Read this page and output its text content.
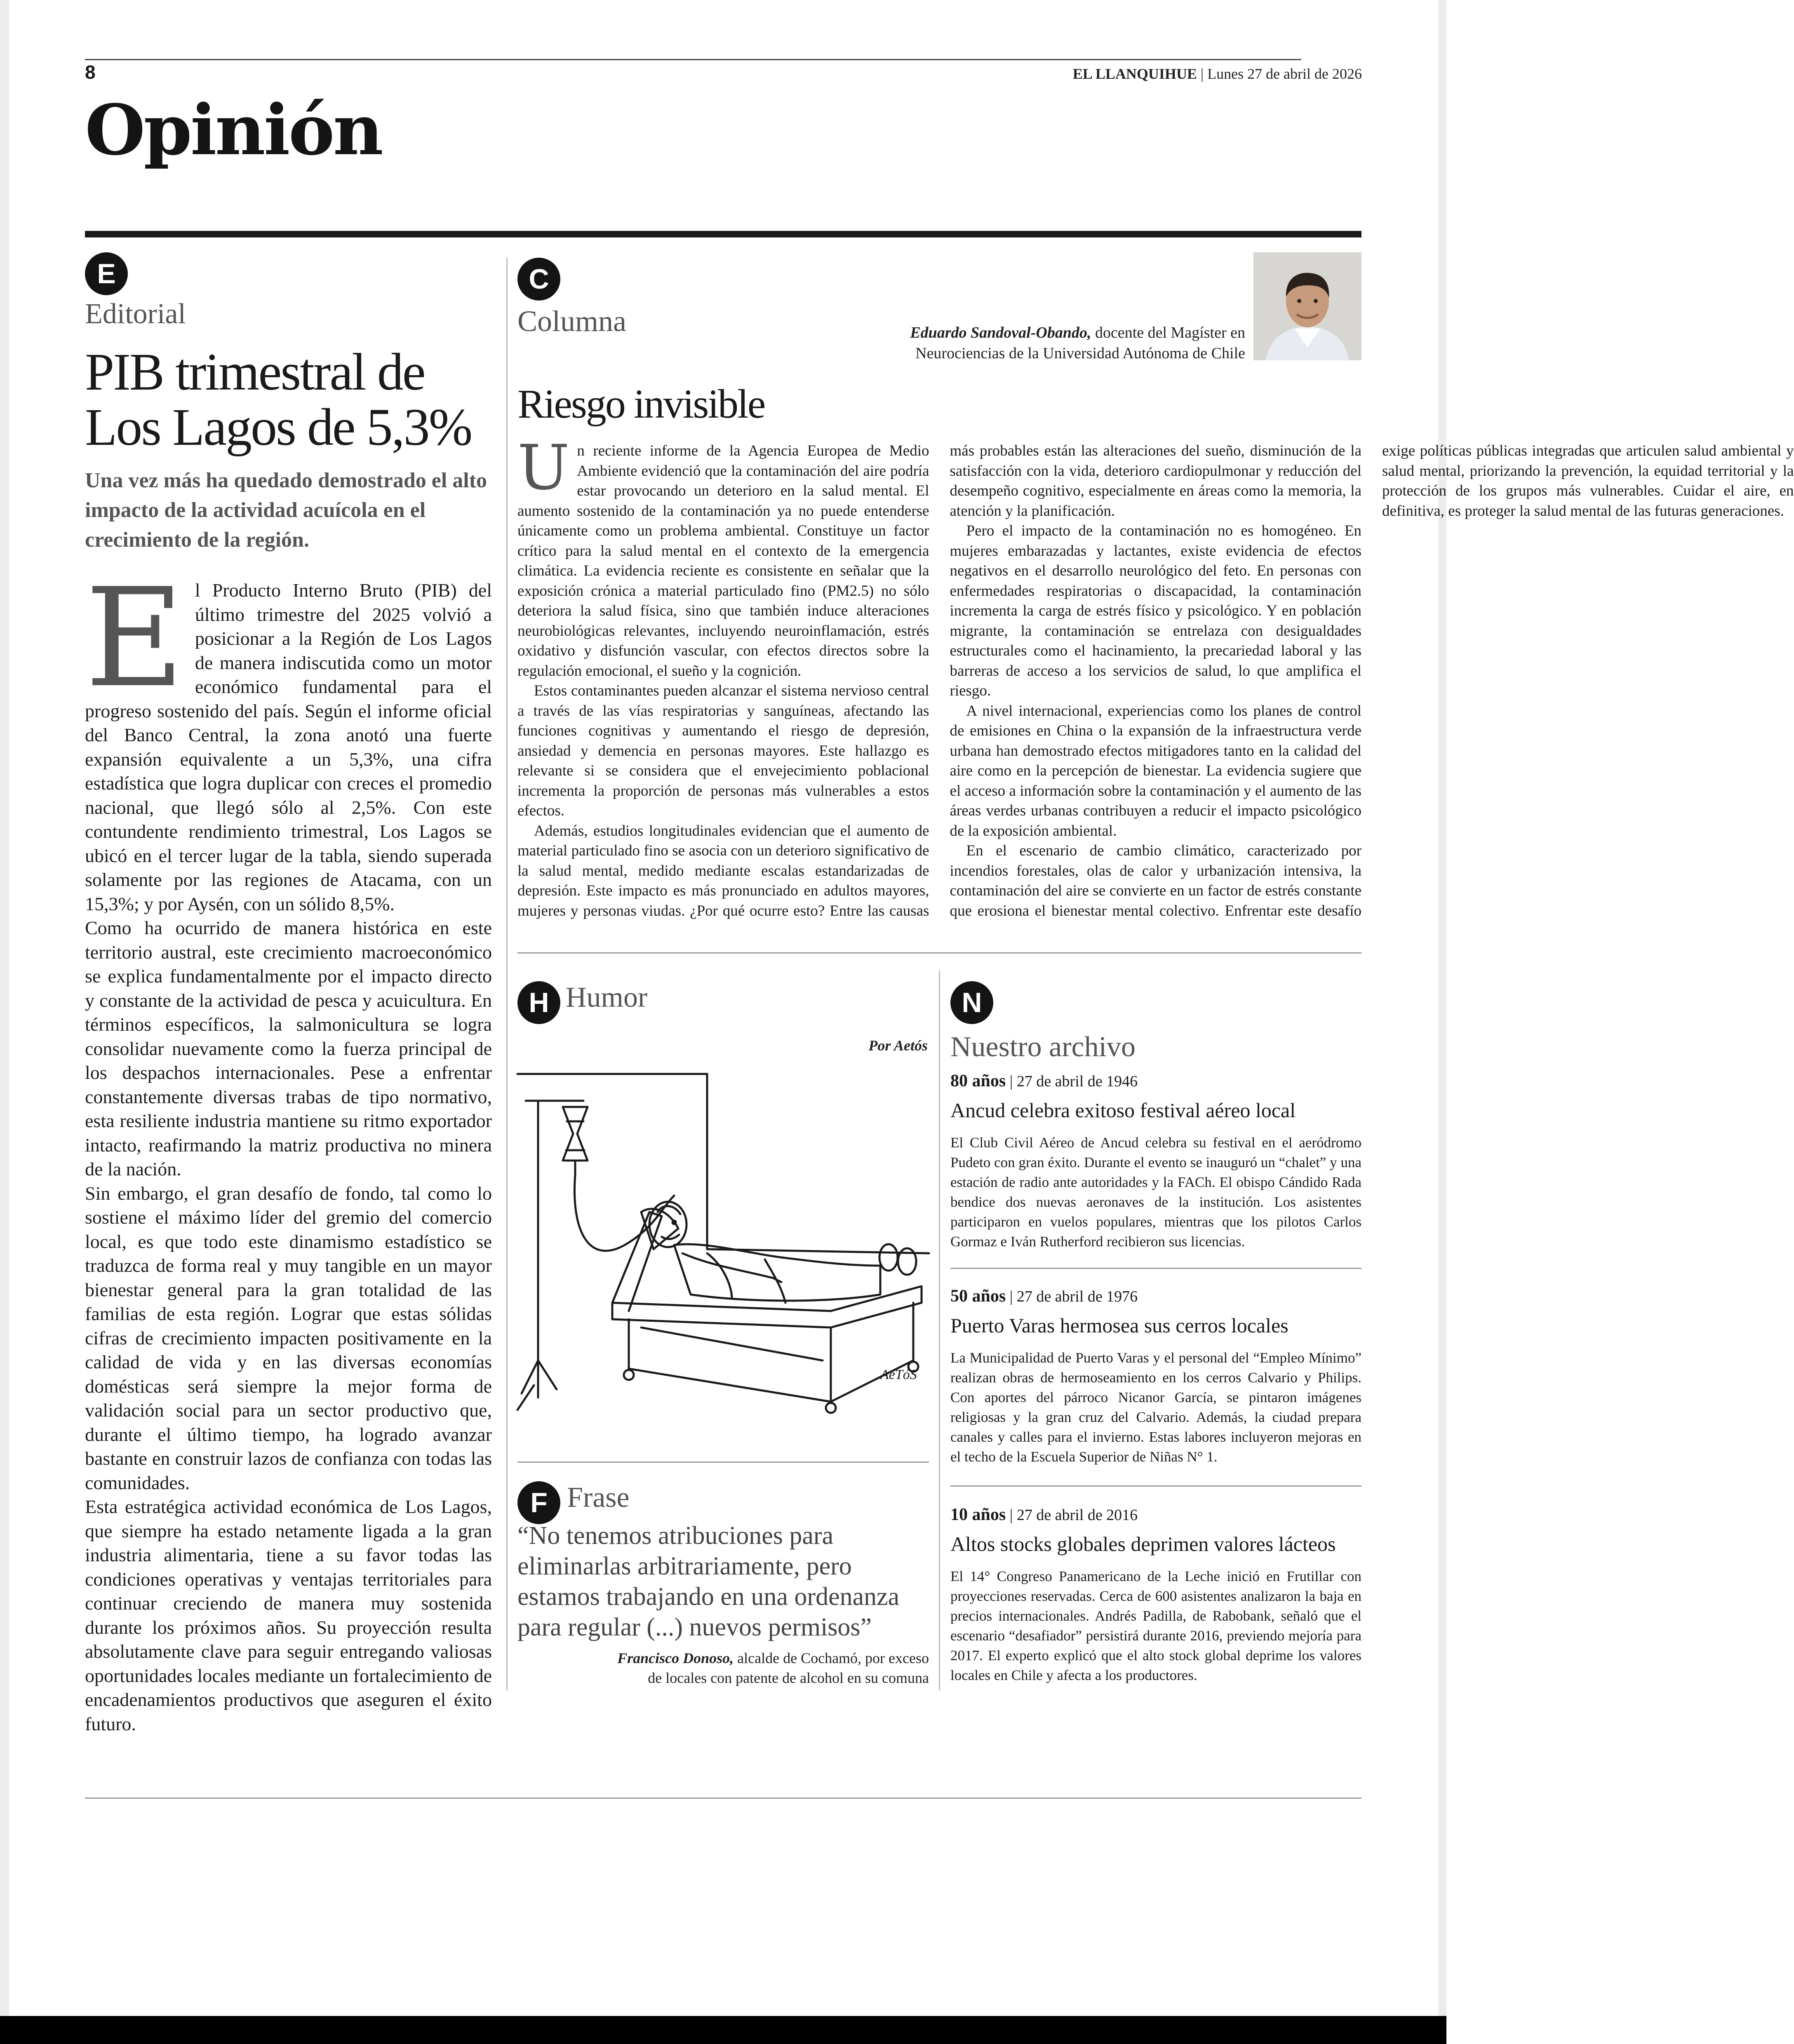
8	EL LLANQUIHUE | Lunes 27 de abril de 2026
Opinión
E
Editorial
PIB trimestral de Los Lagos de 5,3%
Una vez más ha quedado demostrado el alto impacto de la actividad acuícola en el crecimiento de la región.
E l Producto Interno Bruto (PIB) del último trimestre del 2025 volvió a posicionar a la Región de Los Lagos de manera indiscutida como un motor económico fundamental para el progreso sostenido del país. Según el informe oficial del Banco Central, la zona anotó una fuerte expansión equivalente a un 5,3%, una cifra estadística que logra duplicar con creces el promedio nacional, que llegó sólo al 2,5%. Con este contundente rendimiento trimestral, Los Lagos se ubicó en el tercer lugar de la tabla, siendo superada solamente por las regiones de Atacama, con un 15,3%; y por Aysén, con un sólido 8,5%.

Como ha ocurrido de manera histórica en este territorio austral, este crecimiento macroeconómico se explica fundamentalmente por el impacto directo y constante de la actividad de pesca y acuicultura. En términos específicos, la salmonicultura se logra consolidar nuevamente como la fuerza principal de los despachos internacionales. Pese a enfrentar constantemente diversas trabas de tipo normativo, esta resiliente industria mantiene su ritmo exportador intacto, reafirmando la matriz productiva no minera de la nación.

Sin embargo, el gran desafío de fondo, tal como lo sostiene el máximo líder del gremio del comercio local, es que todo este dinamismo estadístico se traduzca de forma real y muy tangible en un mayor bienestar general para la gran totalidad de las familias de esta región. Lograr que estas sólidas cifras de crecimiento impacten positivamente en la calidad de vida y en las diversas economías domésticas será siempre la mejor forma de validación social para un sector productivo que, durante el último tiempo, ha logrado avanzar bastante en construir lazos de confianza con todas las comunidades.

Esta estratégica actividad económica de Los Lagos, que siempre ha estado netamente ligada a la gran industria alimentaria, tiene a su favor todas las condiciones operativas y ventajas territoriales para continuar creciendo de manera muy sostenida durante los próximos años. Su proyección resulta absolutamente clave para seguir entregando valiosas oportunidades locales mediante un fortalecimiento de encadenamientos productivos que aseguren el éxito futuro.

C
Columna	Eduardo Sandoval-Obando, docente del Magíster en
Neurociencias de la Universidad Autónoma de Chile
Riesgo invisible
U n reciente informe de la Agencia Europea de Medio Ambiente evidenció que la contaminación del aire podría estar provocando un deterioro en la salud mental. El aumento sostenido de la contaminación ya no puede entenderse únicamente como un problema ambiental. Constituye un factor crítico para la salud mental en el contexto de la emergencia climática. La evidencia reciente es consistente en señalar que la exposición crónica a material particulado fino (PM2.5) no sólo deteriora la salud física, sino que también induce alteraciones neurobiológicas relevantes, incluyendo neuroinflamación, estrés oxidativo y disfunción vascular, con efectos directos sobre la regulación emocional, el sueño y la cognición.

Estos contaminantes pueden alcanzar el sistema nervioso central a través de las vías respiratorias y sanguíneas, afectando las funciones cognitivas y aumentando el riesgo de depresión, ansiedad y demencia en personas mayores. Este hallazgo es relevante si se considera que el envejecimiento poblacional incrementa la proporción de personas más vulnerables a estos efectos.

Además, estudios longitudinales evidencian que el aumento de material particulado fino se asocia con un deterioro significativo de la salud mental, medido mediante escalas estandarizadas de depresión. Este impacto es más pronunciado en adultos mayores, mujeres y personas viudas. ¿Por qué ocurre esto? Entre las causas más probables están las alteraciones del sueño, disminución de la satisfacción con la vida, deterioro cardiopulmonar y reducción del desempeño cognitivo, especialmente en áreas como la memoria, la atención y la planificación.

Pero el impacto de la contaminación no es homogéneo. En mujeres embarazadas y lactantes, existe evidencia de efectos negativos en el desarrollo neurológico del feto. En personas con enfermedades respiratorias o discapacidad, la contaminación incrementa la carga de estrés físico y psicológico. Y en población migrante, la contaminación se entrelaza con desigualdades estructurales como el hacinamiento, la precariedad laboral y las barreras de acceso a los servicios de salud, lo que amplifica el riesgo.

A nivel internacional, experiencias como los planes de control de emisiones en China o la expansión de la infraestructura verde urbana han demostrado efectos mitigadores tanto en la calidad del aire como en la percepción de bienestar. La evidencia sugiere que el acceso a información sobre la contaminación y el aumento de las áreas verdes urbanas contribuyen a reducir el impacto psicológico de la exposición ambiental.

En el escenario de cambio climático, caracterizado por incendios forestales, olas de calor y urbanización intensiva, la contaminación del aire se convierte en un factor de estrés constante que erosiona el bienestar mental colectivo. Enfrentar este desafío exige políticas públicas integradas que articulen salud ambiental y salud mental, priorizando la prevención, la equidad territorial y la protección de los grupos más vulnerables. Cuidar el aire, en definitiva, es proteger la salud mental de las futuras generaciones.

H Humor
Por Aetós
AeTóS
F Frase
“No tenemos atribuciones para eliminarlas arbitrariamente, pero estamos trabajando en una ordenanza para regular (...) nuevos permisos”
Francisco Donoso, alcalde de Cochamó, por exceso
de locales con patente de alcohol en su comuna
N
Nuestro archivo
80 años | 27 de abril de 1946
Ancud celebra exitoso festival aéreo local
El Club Civil Aéreo de Ancud celebra su festival en el aeródromo Pudeto con gran éxito. Durante el evento se inauguró un “chalet” y una estación de radio ante autoridades y la FACh. El obispo Cándido Rada bendice dos nuevas aeronaves de la institución. Los asistentes participaron en vuelos populares, mientras que los pilotos Carlos Gormaz e Iván Rutherford recibieron sus licencias.
50 años | 27 de abril de 1976
Puerto Varas hermosea sus cerros locales
La Municipalidad de Puerto Varas y el personal del “Empleo Mínimo” realizan obras de hermoseamiento en los cerros Calvario y Philips. Con aportes del párroco Nicanor García, se pintaron imágenes religiosas y la gran cruz del Calvario. Además, la ciudad prepara canales y calles para el invierno. Estas labores incluyeron mejoras en el techo de la Escuela Superior de Niñas N° 1.
10 años | 27 de abril de 2016
Altos stocks globales deprimen valores lácteos
El 14° Congreso Panamericano de la Leche inició en Frutillar con proyecciones reservadas. Cerca de 600 asistentes analizaron la baja en precios internacionales. Andrés Padilla, de Rabobank, señaló que el escenario “desafiador” persistirá durante 2016, previendo mejoría para 2017. El experto explicó que el alto stock global deprime los valores locales en Chile y afecta a los productores.
